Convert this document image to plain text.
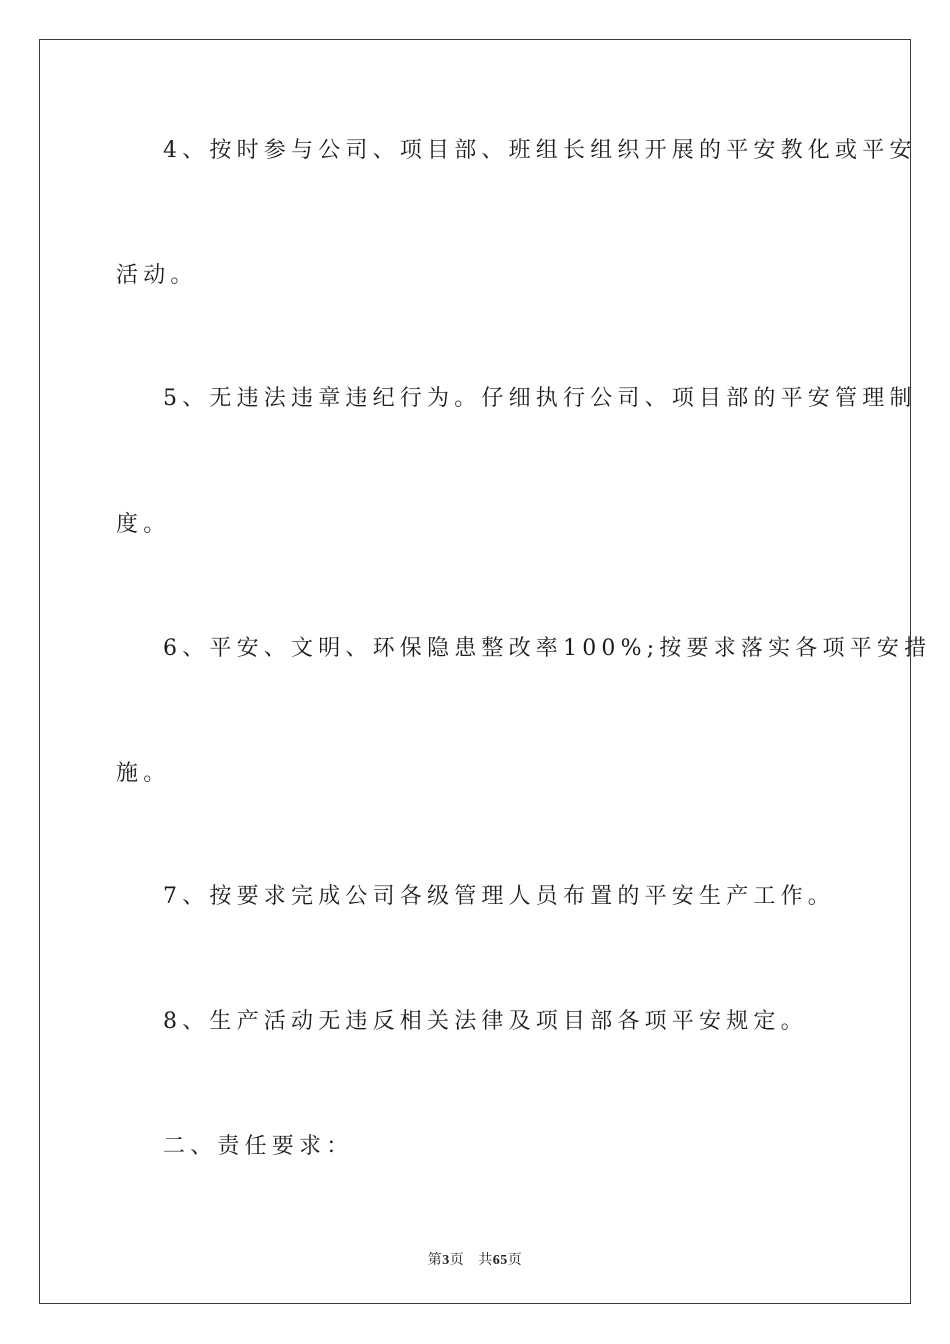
4、按时参与公司、项目部、班组长组织开展的平安教化或平安
活动。
5、无违法违章违纪行为。仔细执行公司、项目部的平安管理制
度。
6、平安、文明、环保隐患整改率100%;按要求落实各项平安措
施。
7、按要求完成公司各级管理人员布置的平安生产工作。
8、生产活动无违反相关法律及项目部各项平安规定。
二、责任要求：
第3页 共65页
